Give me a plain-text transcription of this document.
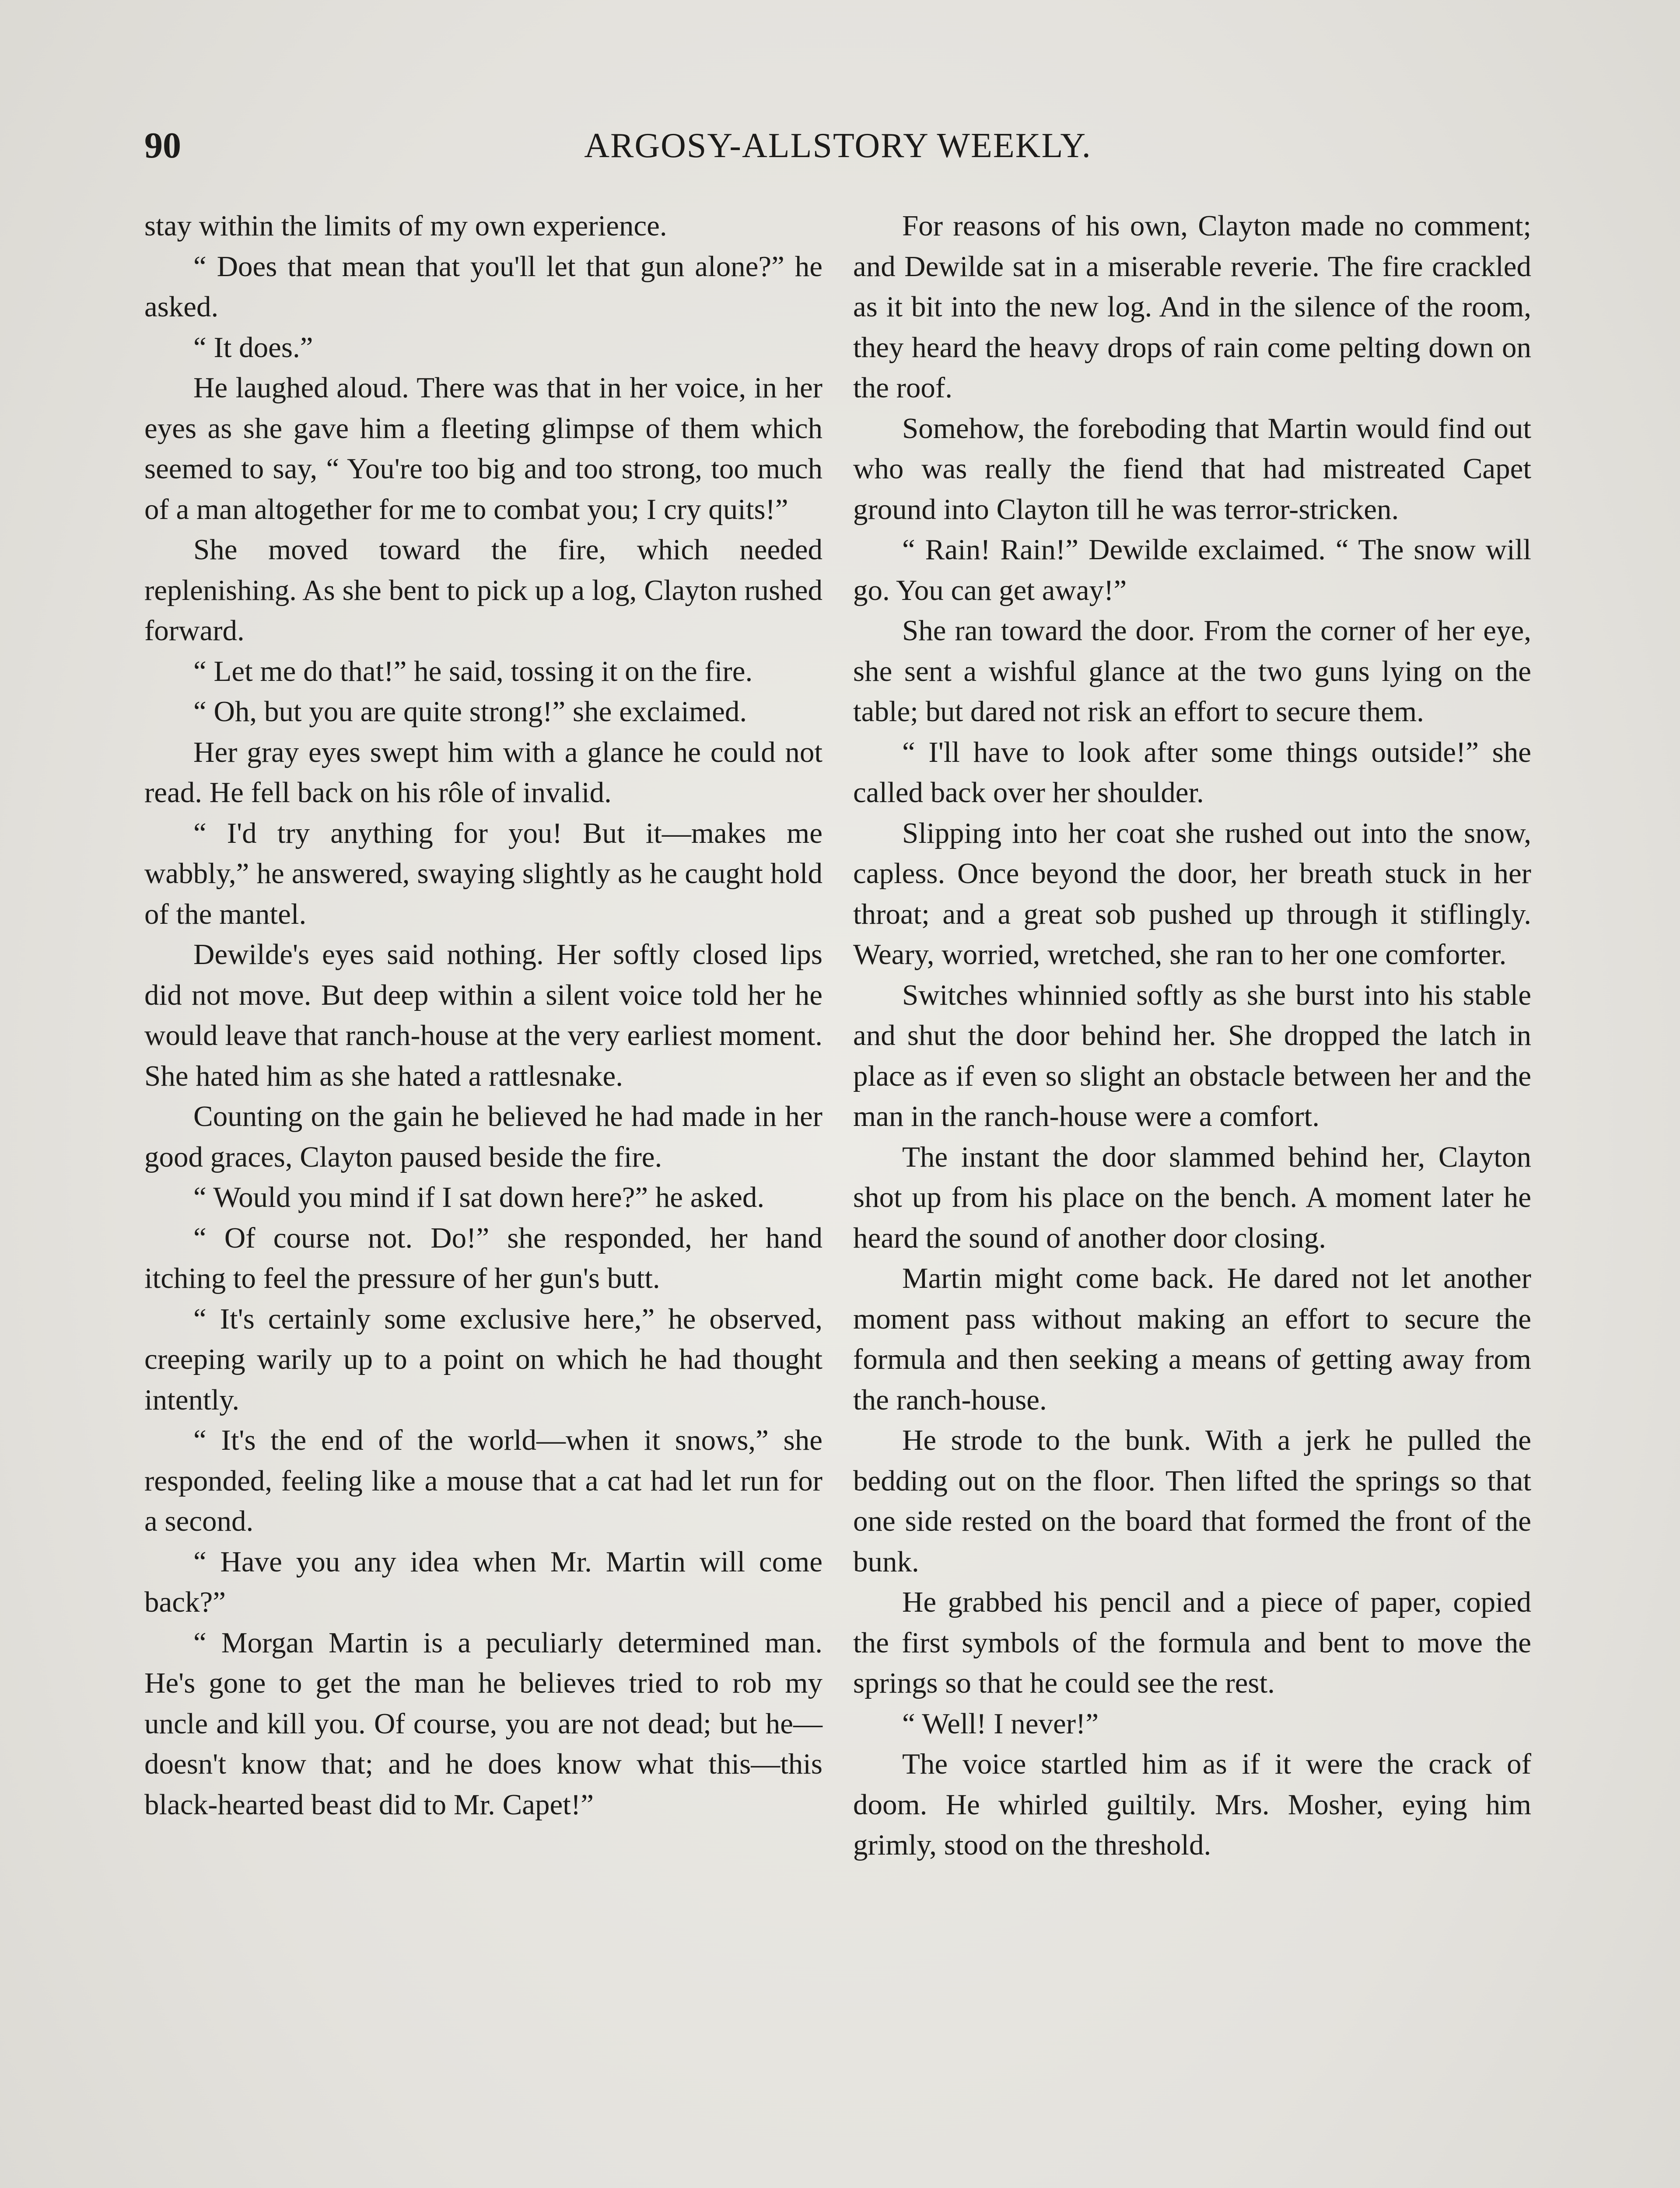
90	ARGOSY-ALLSTORY WEEKLY.

stay within the limits of my own experience.

“ Does that mean that you'll let that gun alone?” he asked.

“ It does.”

He laughed aloud. There was that in her voice, in her eyes as she gave him a fleeting glimpse of them which seemed to say, “ You're too big and too strong, too much of a man altogether for me to combat you; I cry quits!”

She moved toward the fire, which needed replenishing. As she bent to pick up a log, Clayton rushed forward.

“ Let me do that!” he said, tossing it on the fire.

“ Oh, but you are quite strong!” she exclaimed.

Her gray eyes swept him with a glance he could not read. He fell back on his rôle of invalid.

“ I'd try anything for you! But it—makes me wabbly,” he answered, swaying slightly as he caught hold of the mantel.

Dewilde's eyes said nothing. Her softly closed lips did not move. But deep within a silent voice told her he would leave that ranch-house at the very earliest moment. She hated him as she hated a rattlesnake.

Counting on the gain he believed he had made in her good graces, Clayton paused beside the fire.

“ Would you mind if I sat down here?” he asked.

“ Of course not. Do!” she responded, her hand itching to feel the pressure of her gun's butt.

“ It's certainly some exclusive here,” he observed, creeping warily up to a point on which he had thought intently.

“ It's the end of the world—when it snows,” she responded, feeling like a mouse that a cat had let run for a second.

“ Have you any idea when Mr. Martin will come back?”

“ Morgan Martin is a peculiarly determined man. He's gone to get the man he believes tried to rob my uncle and kill you. Of course, you are not dead; but he—doesn't know that; and he does know what this—this black-hearted beast did to Mr. Capet!”

For reasons of his own, Clayton made no comment; and Dewilde sat in a miserable reverie. The fire crackled as it bit into the new log. And in the silence of the room, they heard the heavy drops of rain come pelting down on the roof.

Somehow, the foreboding that Martin would find out who was really the fiend that had mistreated Capet ground into Clayton till he was terror-stricken.

“ Rain! Rain!” Dewilde exclaimed. “ The snow will go. You can get away!”

She ran toward the door. From the corner of her eye, she sent a wishful glance at the two guns lying on the table; but dared not risk an effort to secure them.

“ I'll have to look after some things outside!” she called back over her shoulder.

Slipping into her coat she rushed out into the snow, capless. Once beyond the door, her breath stuck in her throat; and a great sob pushed up through it stiflingly. Weary, worried, wretched, she ran to her one comforter.

Switches whinnied softly as she burst into his stable and shut the door behind her. She dropped the latch in place as if even so slight an obstacle between her and the man in the ranch-house were a comfort.

The instant the door slammed behind her, Clayton shot up from his place on the bench. A moment later he heard the sound of another door closing.

Martin might come back. He dared not let another moment pass without making an effort to secure the formula and then seeking a means of getting away from the ranch-house.

He strode to the bunk. With a jerk he pulled the bedding out on the floor. Then lifted the springs so that one side rested on the board that formed the front of the bunk.

He grabbed his pencil and a piece of paper, copied the first symbols of the formula and bent to move the springs so that he could see the rest.

“ Well! I never!”

The voice startled him as if it were the crack of doom. He whirled guiltily. Mrs. Mosher, eying him grimly, stood on the threshold.
